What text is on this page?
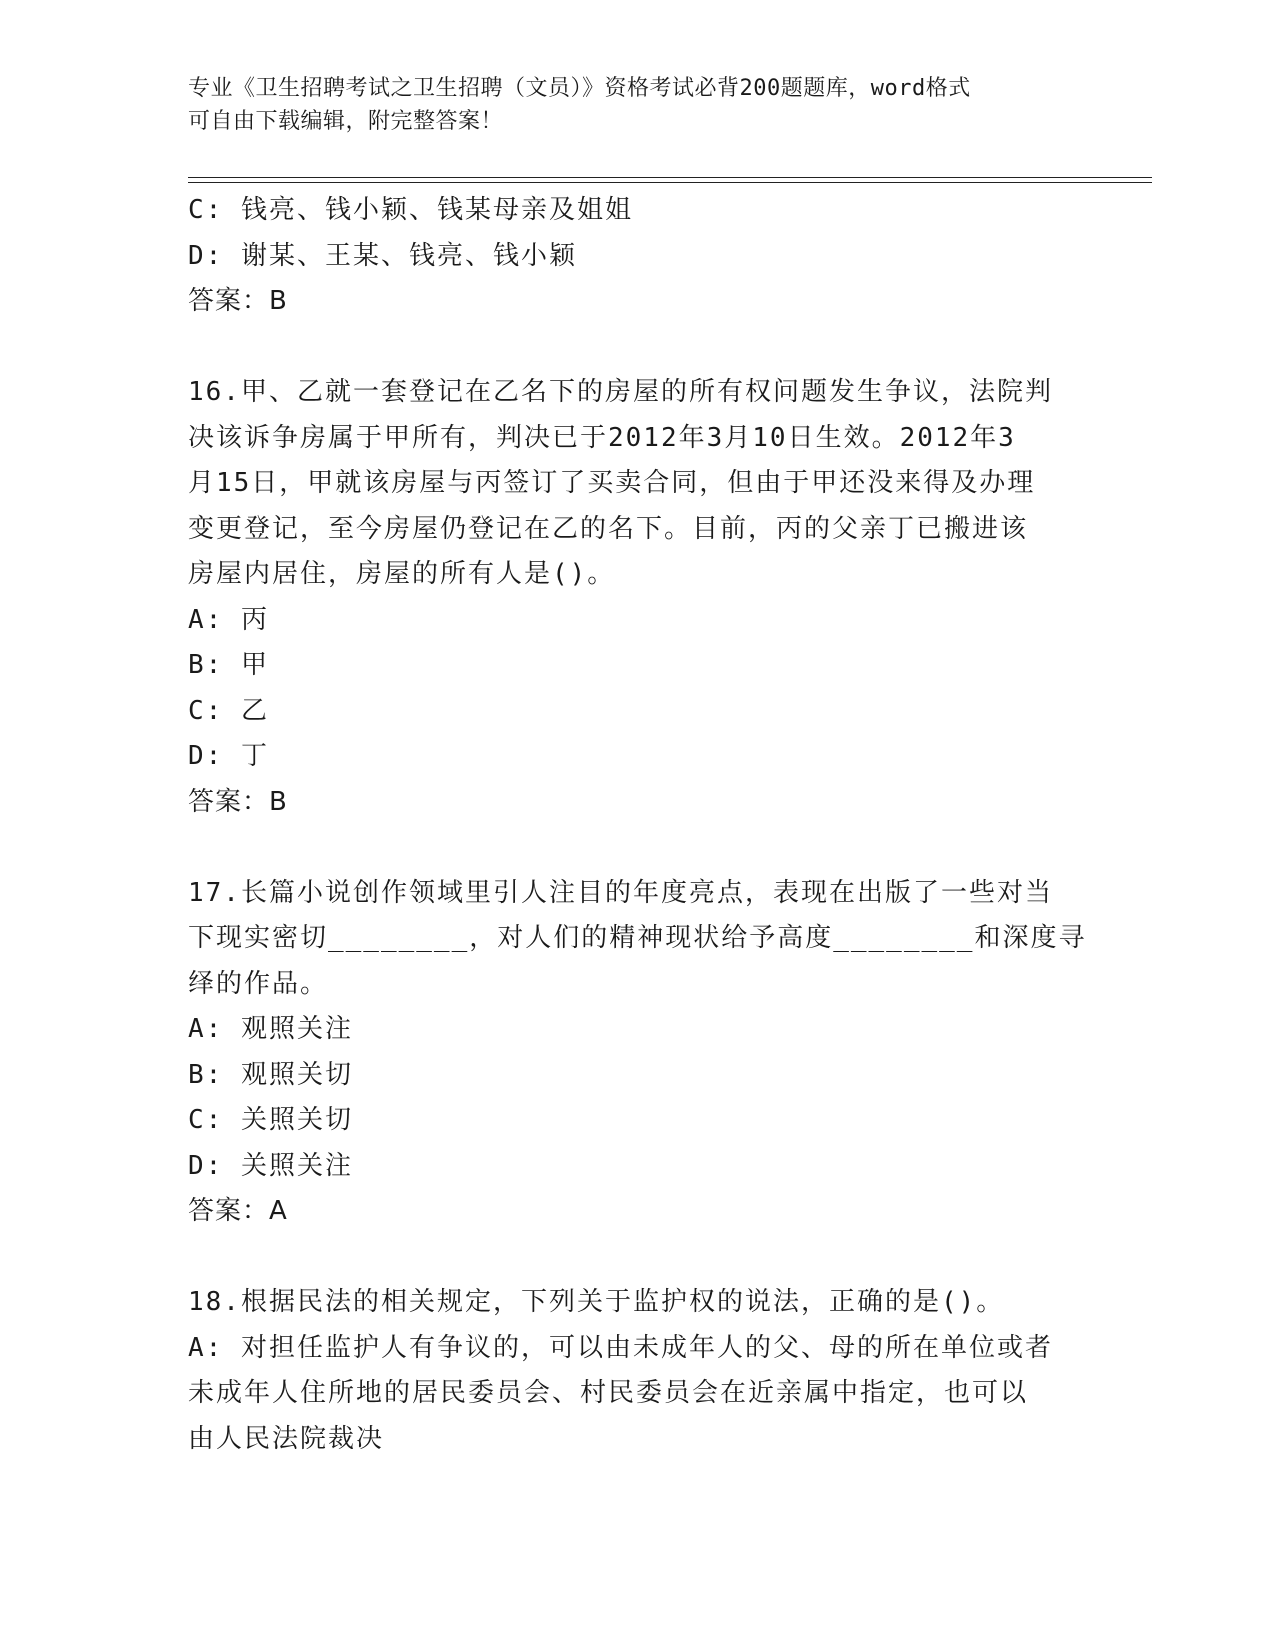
专业《卫生招聘考试之卫生招聘（文员）》资格考试必背200题题库，word格式
可自由下载编辑，附完整答案！
C: 钱亮、钱小颖、钱某母亲及姐姐
D: 谢某、王某、钱亮、钱小颖
答案：B
16.甲、乙就一套登记在乙名下的房屋的所有权问题发生争议，法院判
决该诉争房属于甲所有，判决已于2012年3月10日生效。2012年3
月15日，甲就该房屋与丙签订了买卖合同，但由于甲还没来得及办理
变更登记，至今房屋仍登记在乙的名下。目前，丙的父亲丁已搬进该
房屋内居住，房屋的所有人是()。
A: 丙
B: 甲
C: 乙
D: 丁
答案：B
17.长篇小说创作领域里引人注目的年度亮点，表现在出版了一些对当
下现实密切________，对人们的精神现状给予高度________和深度寻
绎的作品。
A: 观照关注
B: 观照关切
C: 关照关切
D: 关照关注
答案：A
18.根据民法的相关规定，下列关于监护权的说法，正确的是()。
A: 对担任监护人有争议的，可以由未成年人的父、母的所在单位或者
未成年人住所地的居民委员会、村民委员会在近亲属中指定，也可以
由人民法院裁决
